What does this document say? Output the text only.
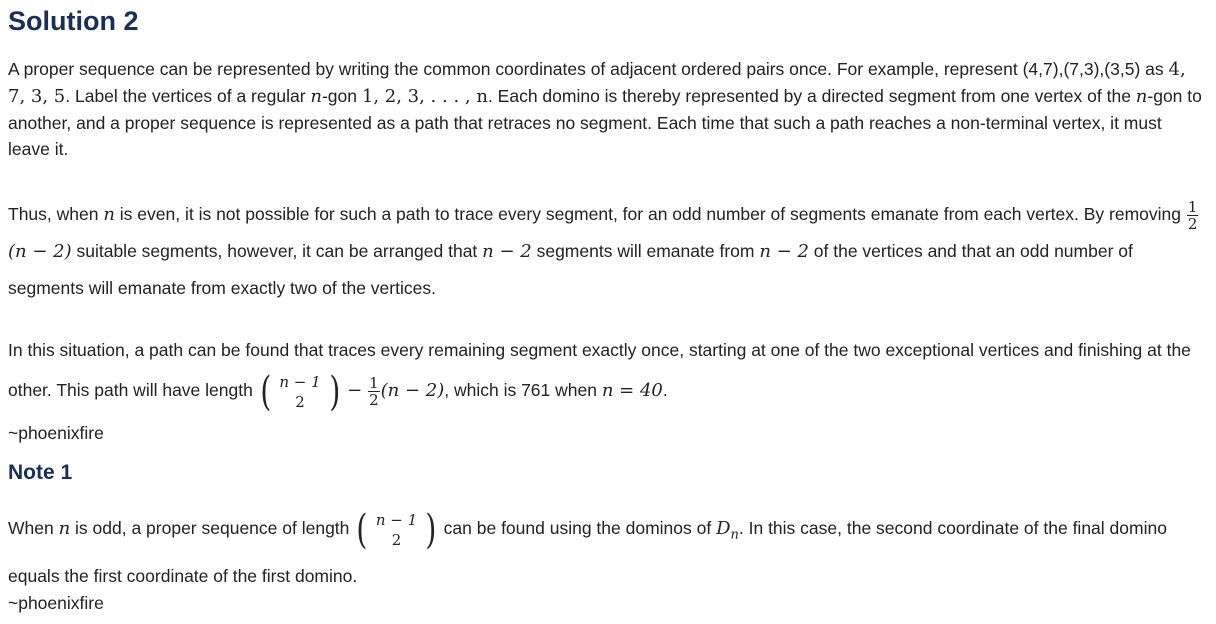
Solution 2

A proper sequence can be represented by writing the common coordinates of adjacent ordered pairs once. For example, represent (4,7),(7,3),(3,5) as 4, 7, 3, 5. Label the vertices of a regular n-gon 1, 2, 3, . . . , n. Each domino is thereby represented by a directed segment from one vertex of the n-gon to another, and a proper sequence is represented as a path that retraces no segment. Each time that such a path reaches a non-terminal vertex, it must leave it.

Thus, when n is even, it is not possible for such a path to trace every segment, for an odd number of segments emanate from each vertex. By removing $\frac{1}{2}$
(n − 2) suitable segments, however, it can be arranged that n − 2 segments will emanate from n − 2 of the vertices and that an odd number of segments will emanate from exactly two of the vertices.

In this situation, a path can be found that traces every remaining segment exactly once, starting at one of the two exceptional vertices and finishing at the other. This path will have length ( n − 1
2 ) − $\frac{1}{2} (n - 2)$, which is 761 when n = 40.

~phoenixfire
Note 1

When n is odd, a proper sequence of length ( n − 1
2 ) can be found using the dominos of $D_n$. In this case, the second coordinate of the final domino equals the first coordinate of the first domino.

~phoenixfire
